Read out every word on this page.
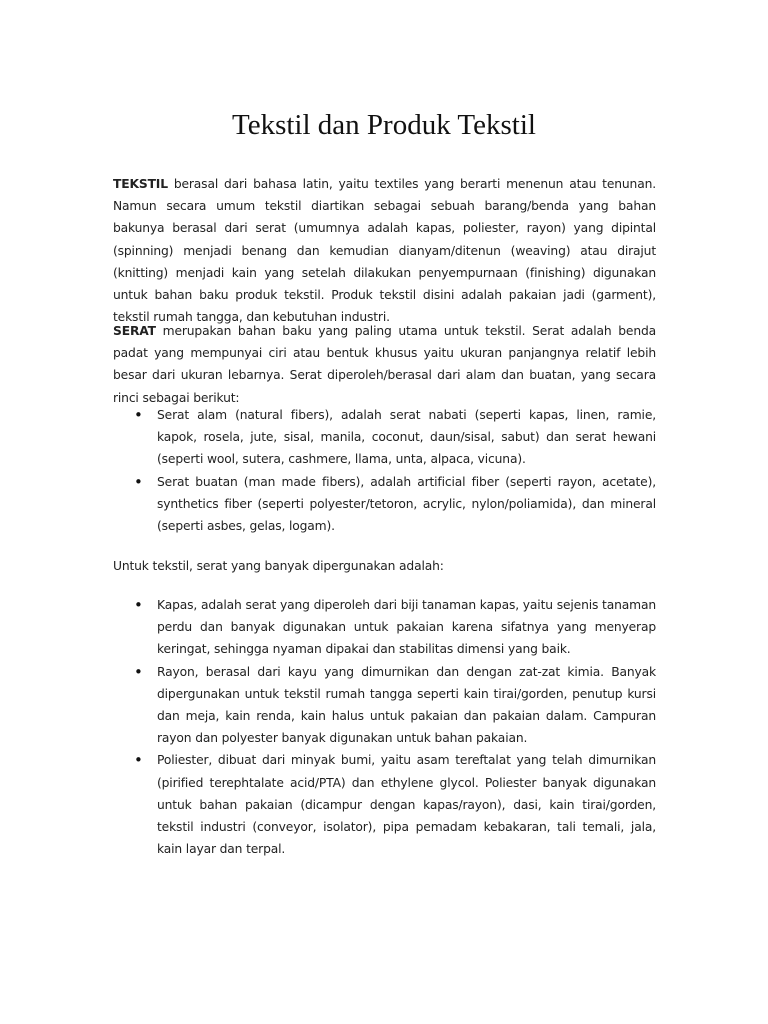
Tekstil dan Produk Tekstil

TEKSTIL berasal dari bahasa latin, yaitu textiles yang berarti menenun atau tenunan. Namun secara umum tekstil diartikan sebagai sebuah barang/benda yang bahan bakunya berasal dari serat (umumnya adalah kapas, poliester, rayon) yang dipintal (spinning) menjadi benang dan kemudian dianyam/ditenun (weaving) atau dirajut (knitting) menjadi kain yang setelah dilakukan penyempurnaan (finishing) digunakan untuk bahan baku produk tekstil. Produk tekstil disini adalah pakaian jadi (garment), tekstil rumah tangga, dan kebutuhan industri.

SERAT merupakan bahan baku yang paling utama untuk tekstil. Serat adalah benda padat yang mempunyai ciri atau bentuk khusus yaitu ukuran panjangnya relatif lebih besar dari ukuran lebarnya. Serat diperoleh/berasal dari alam dan buatan, yang secara rinci sebagai berikut:

• Serat alam (natural fibers), adalah serat nabati (seperti kapas, linen, ramie, kapok, rosela, jute, sisal, manila, coconut, daun/sisal, sabut) dan serat hewani (seperti wool, sutera, cashmere, llama, unta, alpaca, vicuna).
• Serat buatan (man made fibers), adalah artificial fiber (seperti rayon, acetate), synthetics fiber (seperti polyester/tetoron, acrylic, nylon/poliamida), dan mineral (seperti asbes, gelas, logam).

Untuk tekstil, serat yang banyak dipergunakan adalah:

• Kapas, adalah serat yang diperoleh dari biji tanaman kapas, yaitu sejenis tanaman perdu dan banyak digunakan untuk pakaian karena sifatnya yang menyerap keringat, sehingga nyaman dipakai dan stabilitas dimensi yang baik.
• Rayon, berasal dari kayu yang dimurnikan dan dengan zat-zat kimia. Banyak dipergunakan untuk tekstil rumah tangga seperti kain tirai/gorden, penutup kursi dan meja, kain renda, kain halus untuk pakaian dan pakaian dalam. Campuran rayon dan polyester banyak digunakan untuk bahan pakaian.
• Poliester, dibuat dari minyak bumi, yaitu asam tereftalat yang telah dimurnikan (pirified terephtalate acid/PTA) dan ethylene glycol. Poliester banyak digunakan untuk bahan pakaian (dicampur dengan kapas/rayon), dasi, kain tirai/gorden, tekstil industri (conveyor, isolator), pipa pemadam kebakaran, tali temali, jala, kain layar dan terpal.
